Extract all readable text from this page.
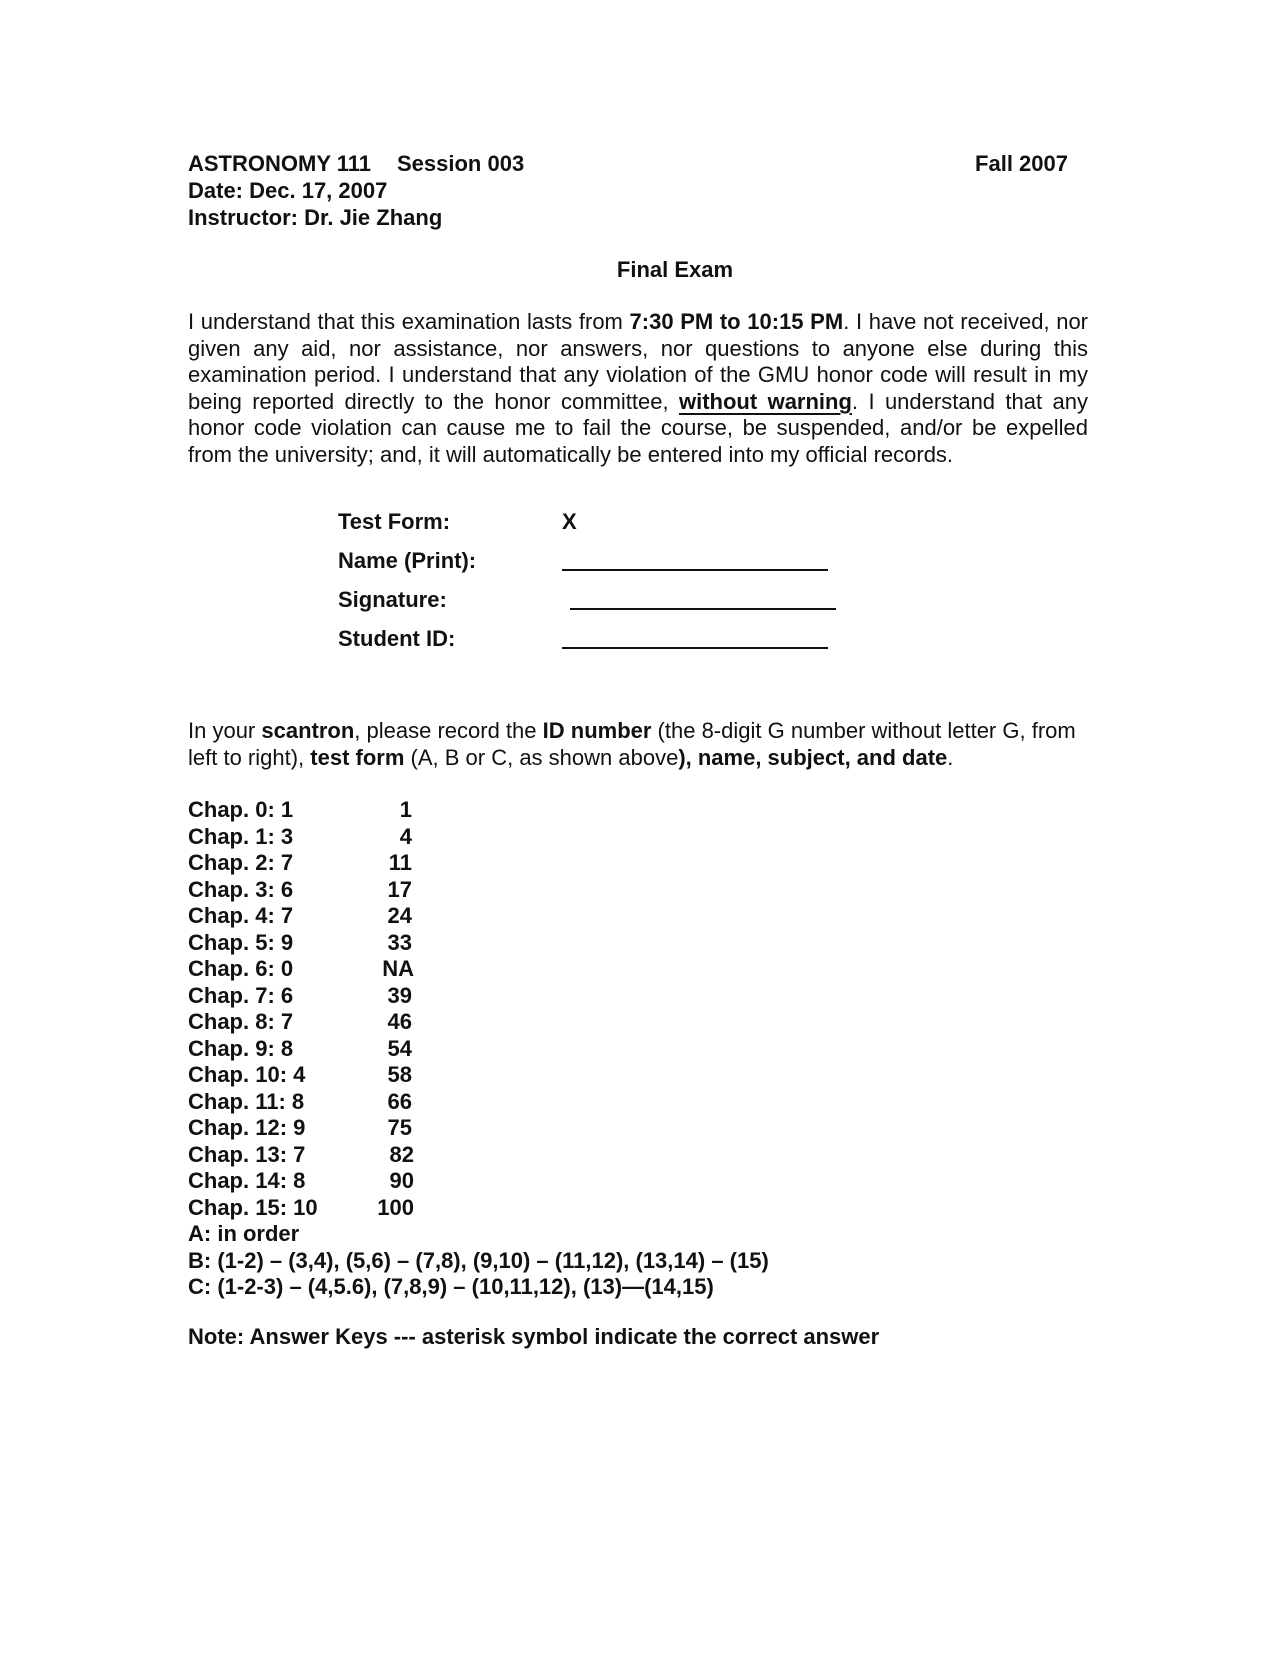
ASTRONOMY 111 Session 003	Fall 2007
Date: Dec. 17, 2007
Instructor: Dr. Jie Zhang
Final Exam
I understand that this examination lasts from 7:30 PM to 10:15 PM. I have not received, nor given any aid, nor assistance, nor answers, nor questions to anyone else during this examination period. I understand that any violation of the GMU honor code will result in my being reported directly to the honor committee, without warning. I understand that any honor code violation can cause me to fail the course, be suspended, and/or be expelled from the university; and, it will automatically be entered into my official records.
Test Form:	X
Name (Print):
Signature:
Student ID:
In your scantron, please record the ID number (the 8-digit G number without letter G, from left to right), test form (A, B or C, as shown above), name, subject, and date.
Chap. 0: 1	1
Chap. 1: 3	4
Chap. 2: 7	11
Chap. 3: 6	17
Chap. 4: 7	24
Chap. 5: 9	33
Chap. 6: 0	NA
Chap. 7: 6	39
Chap. 8: 7	46
Chap. 9: 8	54
Chap. 10: 4	58
Chap. 11: 8	66
Chap. 12: 9	75
Chap. 13: 7	82
Chap. 14: 8	90
Chap. 15: 10	100
A: in order
B: (1-2) – (3,4), (5,6) – (7,8), (9,10) – (11,12), (13,14) – (15)
C: (1-2-3) – (4,5.6), (7,8,9) – (10,11,12), (13)—(14,15)
Note: Answer Keys --- asterisk symbol indicate the correct answer
